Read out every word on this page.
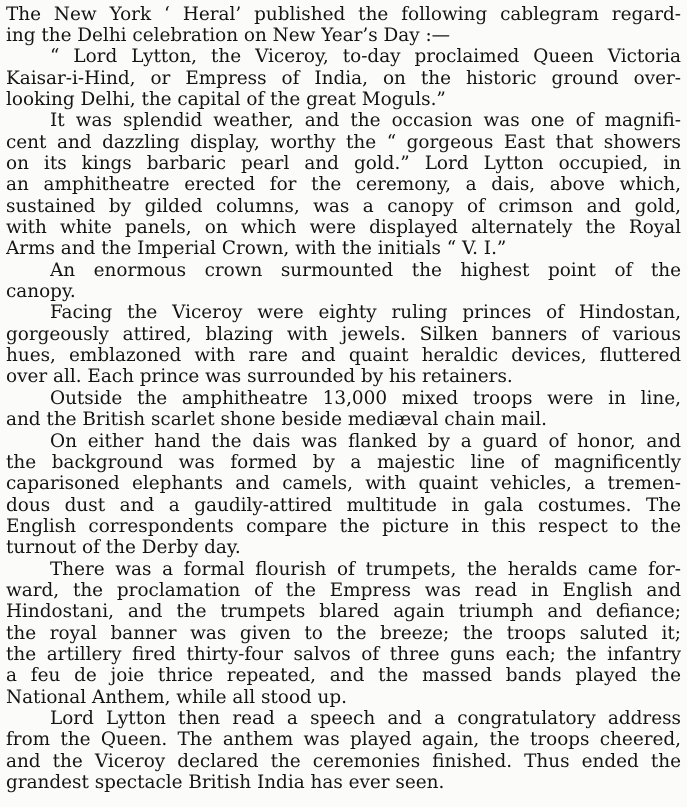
The New York ‘ Heral’ published the following cablegram regard-
ing the Delhi celebration on New Year’s Day :—
“ Lord Lytton, the Viceroy, to-day proclaimed Queen Victoria
Kaisar-i-Hind, or Empress of India, on the historic ground over-
looking Delhi, the capital of the great Moguls.”
It was splendid weather, and the occasion was one of magnifi-
cent and dazzling display, worthy the “ gorgeous East that showers
on its kings barbaric pearl and gold.” Lord Lytton occupied, in
an amphitheatre erected for the ceremony, a dais, above which,
sustained by gilded columns, was a canopy of crimson and gold,
with white panels, on which were displayed alternately the Royal
Arms and the Imperial Crown, with the initials “ V. I.”
An enormous crown surmounted the highest point of the
canopy.
Facing the Viceroy were eighty ruling princes of Hindostan,
gorgeously attired, blazing with jewels. Silken banners of various
hues, emblazoned with rare and quaint heraldic devices, fluttered
over all. Each prince was surrounded by his retainers.
Outside the amphitheatre 13,000 mixed troops were in line,
and the British scarlet shone beside mediæval chain mail.
On either hand the dais was flanked by a guard of honor, and
the background was formed by a majestic line of magnificently
caparisoned elephants and camels, with quaint vehicles, a tremen-
dous dust and a gaudily-attired multitude in gala costumes. The
English correspondents compare the picture in this respect to the
turnout of the Derby day.
There was a formal flourish of trumpets, the heralds came for-
ward, the proclamation of the Empress was read in English and
Hindostani, and the trumpets blared again triumph and defiance;
the royal banner was given to the breeze; the troops saluted it;
the artillery fired thirty-four salvos of three guns each; the infantry
a feu de joie thrice repeated, and the massed bands played the
National Anthem, while all stood up.
Lord Lytton then read a speech and a congratulatory address
from the Queen. The anthem was played again, the troops cheered,
and the Viceroy declared the ceremonies finished. Thus ended the
grandest spectacle British India has ever seen.
